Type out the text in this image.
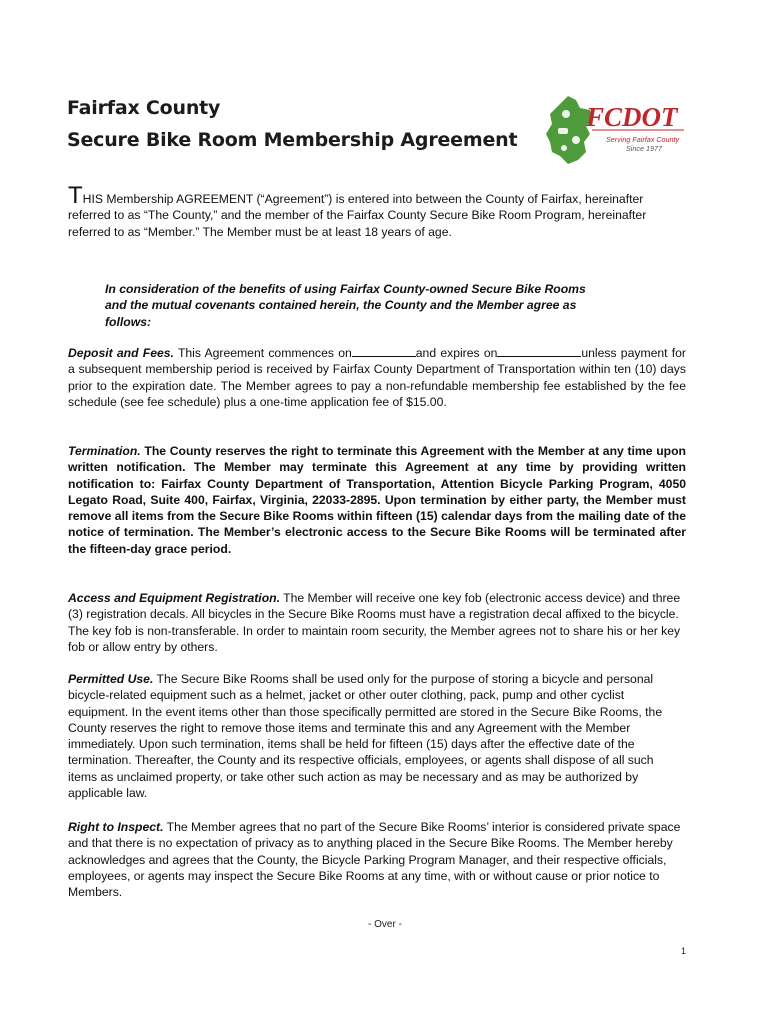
Fairfax County
Secure Bike Room Membership Agreement
FCDOT
Serving Fairfax County
Since 1977
THIS Membership AGREEMENT (“Agreement”) is entered into between the County of Fairfax, hereinafter referred to as “The County,” and the member of the Fairfax County Secure Bike Room Program, hereinafter referred to as “Member.” The Member must be at least 18 years of age.
In consideration of the benefits of using Fairfax County-owned Secure Bike Rooms and the mutual covenants contained herein, the County and the Member agree as follows:
Deposit and Fees. This Agreement commences on	and expires on	unless payment for a subsequent membership period is received by Fairfax County Department of Transportation within ten (10) days prior to the expiration date. The Member agrees to pay a non-refundable membership fee established by the fee schedule (see fee schedule) plus a one-time application fee of $15.00.
Termination. The County reserves the right to terminate this Agreement with the Member at any time upon written notification. The Member may terminate this Agreement at any time by providing written notification to: Fairfax County Department of Transportation, Attention Bicycle Parking Program, 4050 Legato Road, Suite 400, Fairfax, Virginia, 22033-2895. Upon termination by either party, the Member must remove all items from the Secure Bike Rooms within fifteen (15) calendar days from the mailing date of the notice of termination. The Member’s electronic access to the Secure Bike Rooms will be terminated after the fifteen-day grace period.
Access and Equipment Registration. The Member will receive one key fob (electronic access device) and three (3) registration decals. All bicycles in the Secure Bike Rooms must have a registration decal affixed to the bicycle. The key fob is non-transferable. In order to maintain room security, the Member agrees not to share his or her key fob or allow entry by others.
Permitted Use. The Secure Bike Rooms shall be used only for the purpose of storing a bicycle and personal bicycle-related equipment such as a helmet, jacket or other outer clothing, pack, pump and other cyclist equipment. In the event items other than those specifically permitted are stored in the Secure Bike Rooms, the County reserves the right to remove those items and terminate this and any Agreement with the Member immediately. Upon such termination, items shall be held for fifteen (15) days after the effective date of the termination. Thereafter, the County and its respective officials, employees, or agents shall dispose of all such items as unclaimed property, or take other such action as may be necessary and as may be authorized by applicable law.
Right to Inspect. The Member agrees that no part of the Secure Bike Rooms’ interior is considered private space and that there is no expectation of privacy as to anything placed in the Secure Bike Rooms. The Member hereby acknowledges and agrees that the County, the Bicycle Parking Program Manager, and their respective officials, employees, or agents may inspect the Secure Bike Rooms at any time, with or without cause or prior notice to Members.
- Over -
1
